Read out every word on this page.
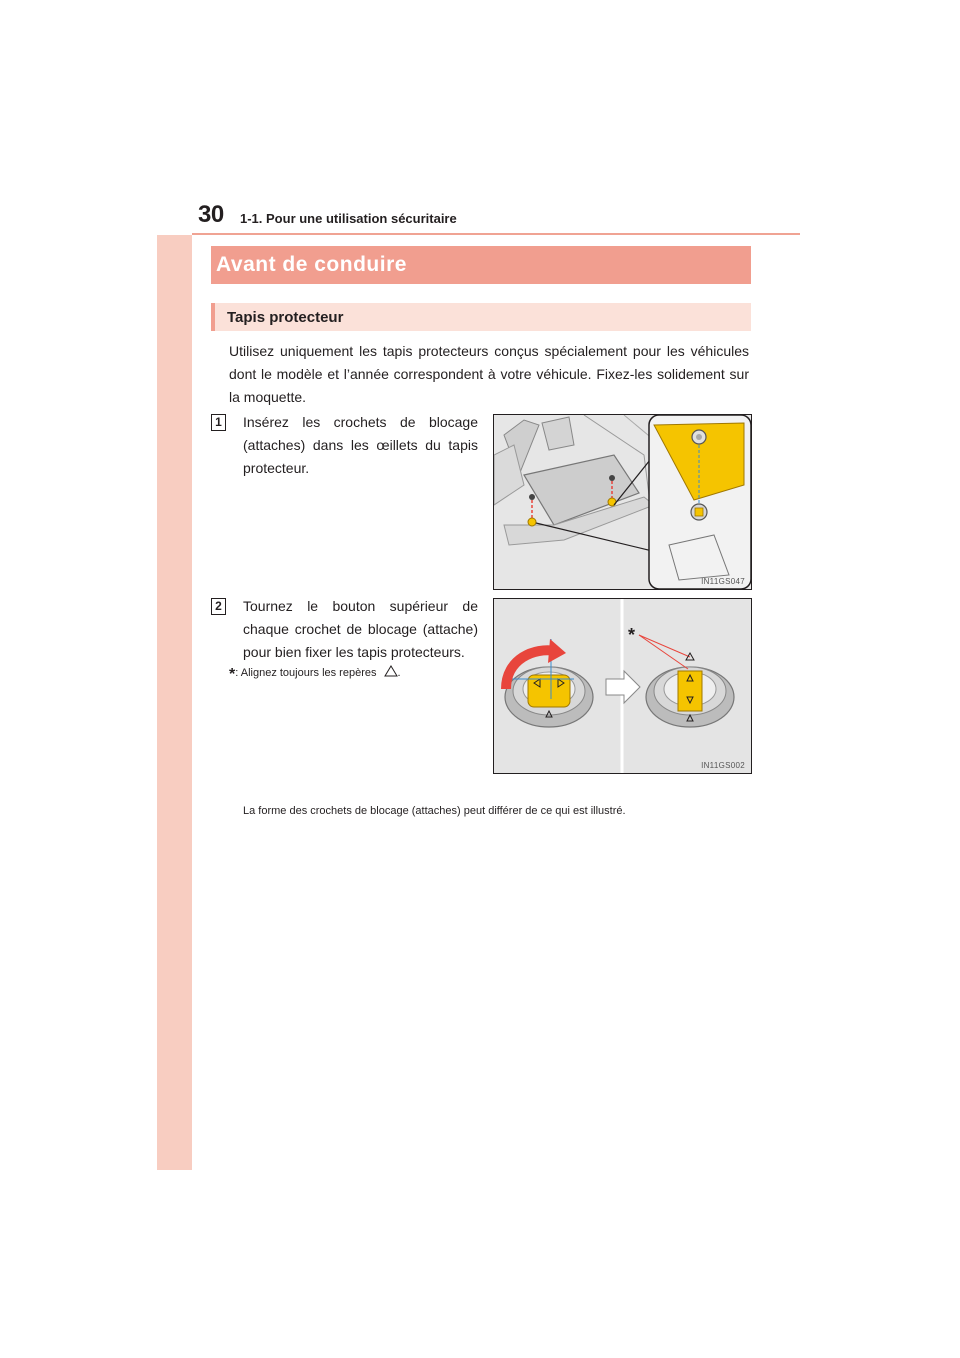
30 1-1. Pour une utilisation sécuritaire
Avant de conduire
Tapis protecteur
Utilisez uniquement les tapis protecteurs conçus spécialement pour les véhicules dont le modèle et l’année correspondent à votre véhicule. Fixez-les solidement sur la moquette.
1 Insérez les crochets de blocage (attaches) dans les œillets du tapis protecteur.
IN11GS047
2 Tournez le bouton supérieur de chaque crochet de blocage (attache) pour bien fixer les tapis protecteurs.
*: Alignez toujours les repères .
*
IN11GS002
La forme des crochets de blocage (attaches) peut différer de ce qui est illustré.
